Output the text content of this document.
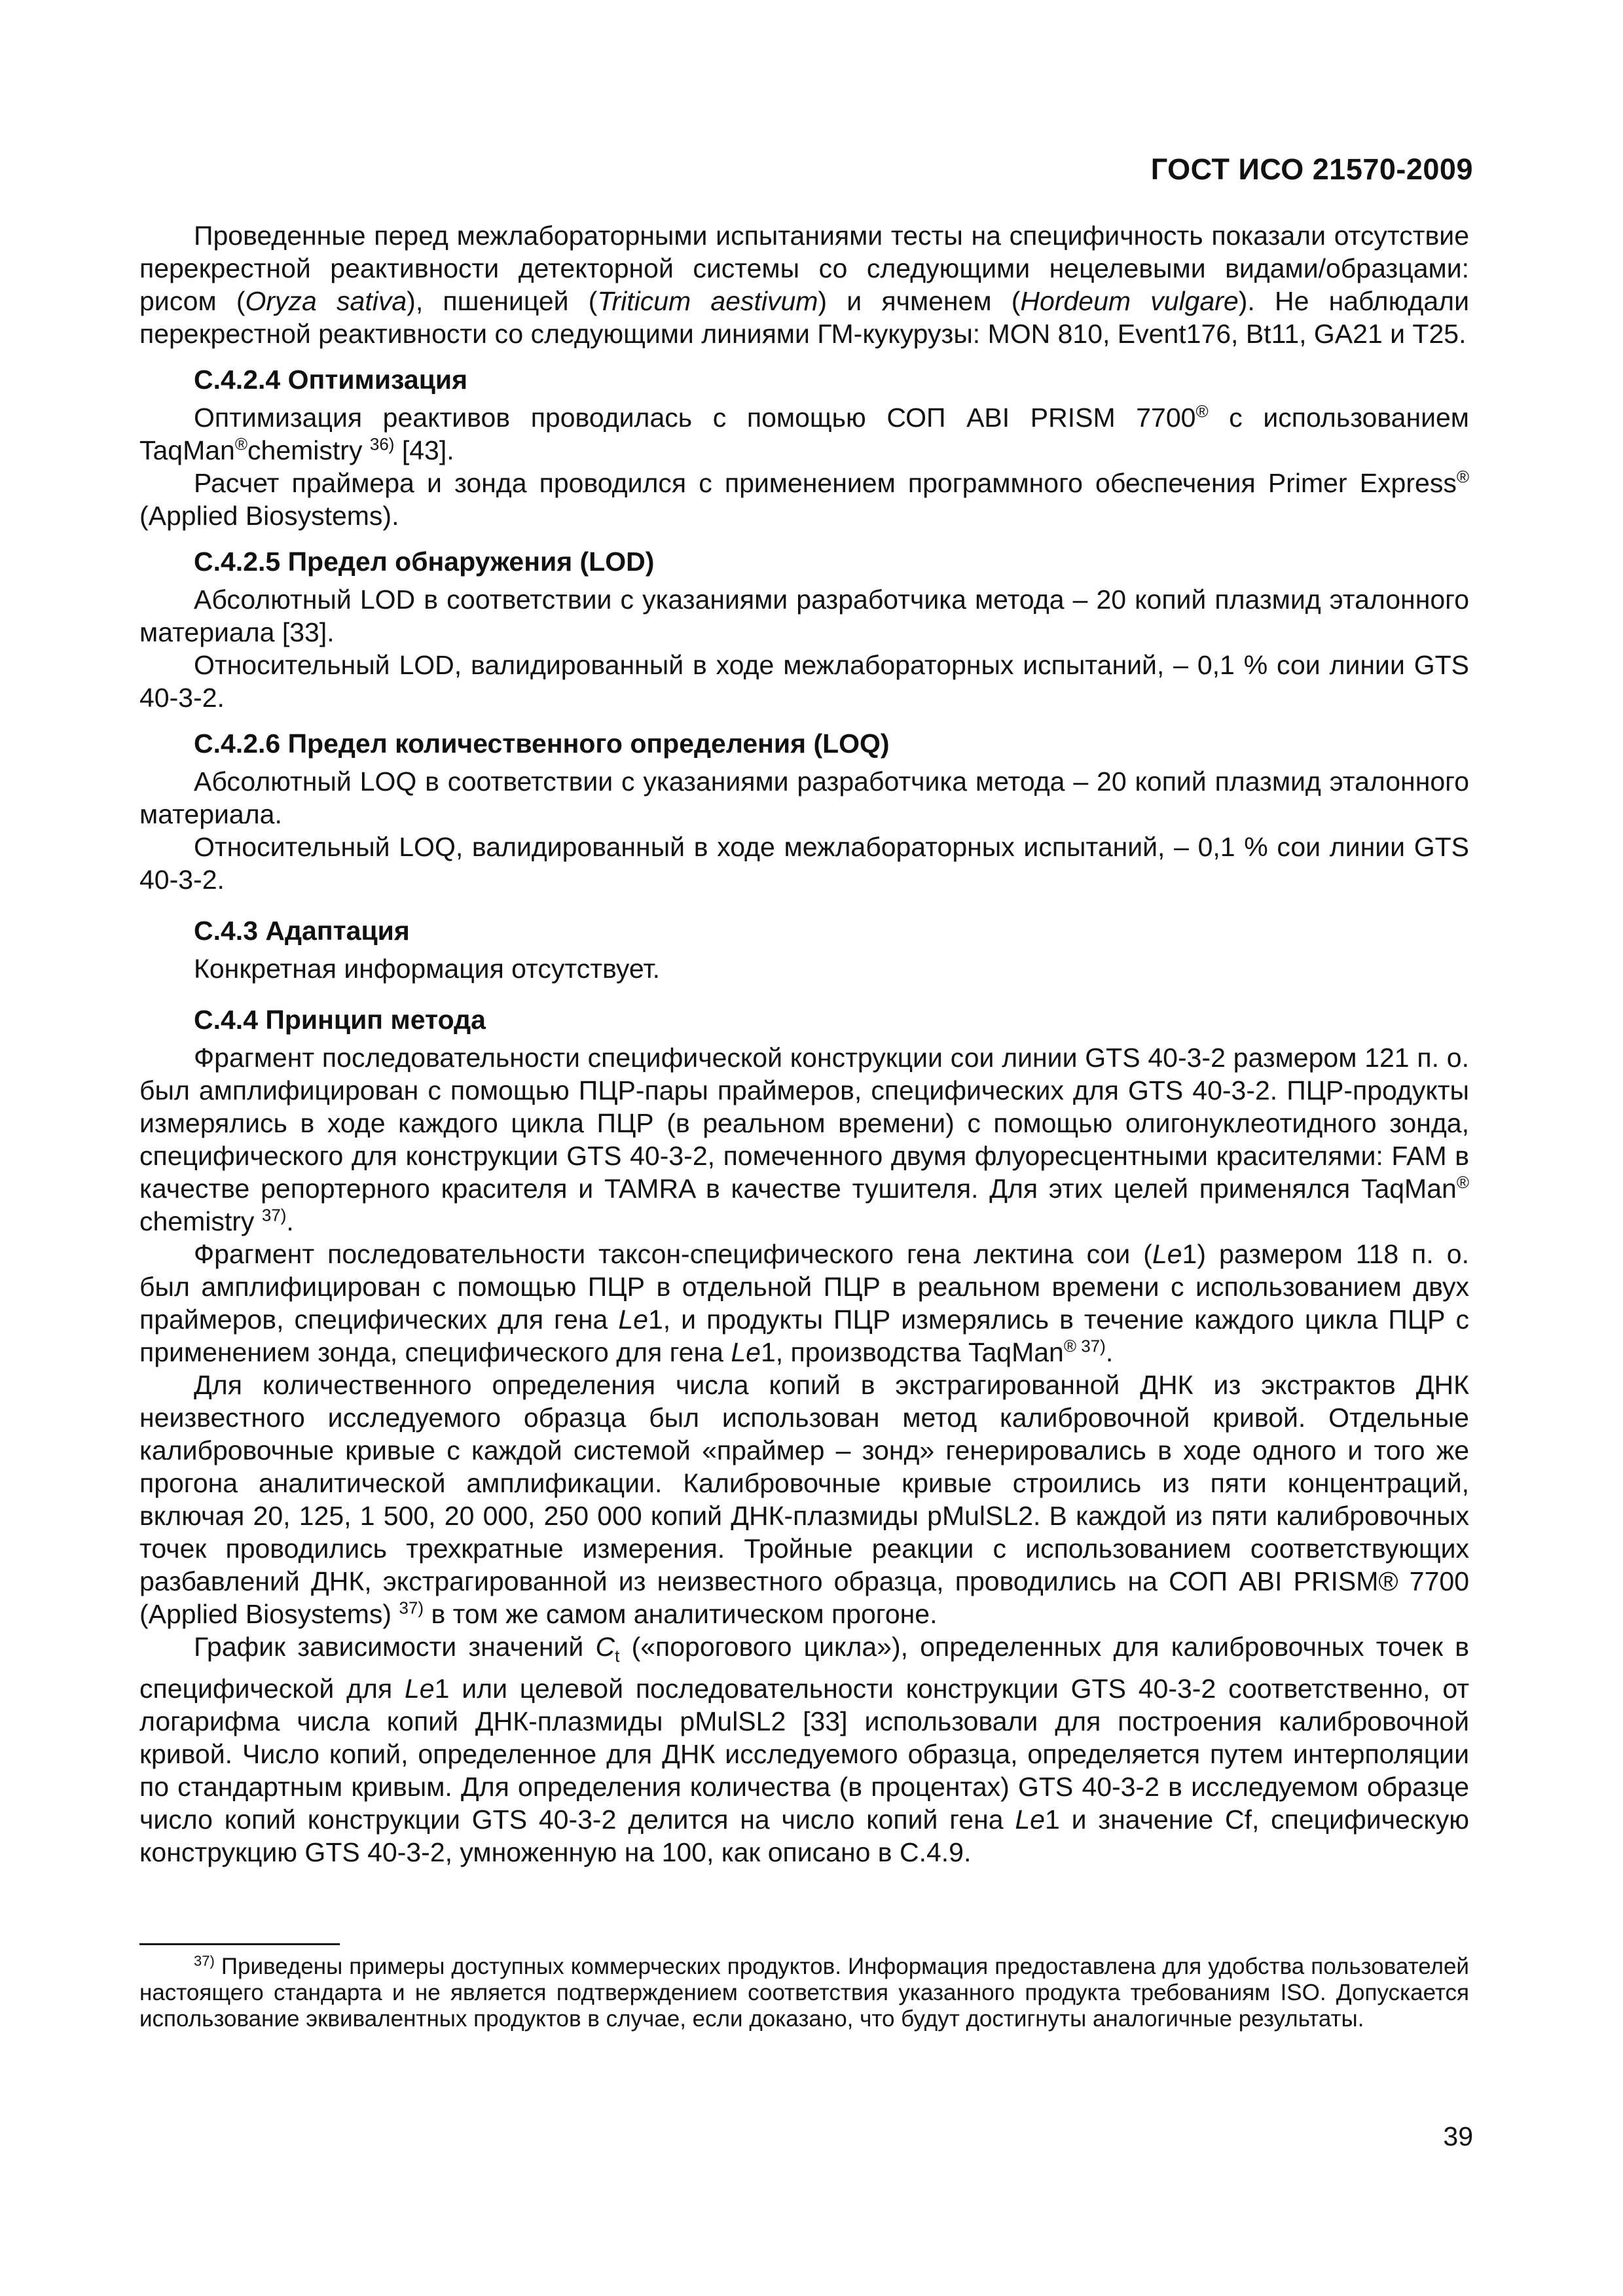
ГОСТ ИСО 21570-2009

Проведенные перед межлабораторными испытаниями тесты на специфичность показали отсутствие перекрестной реактивности детекторной системы со следующими нецелевыми видами/образцами: рисом (Oryza sativa), пшеницей (Triticum aestivum) и ячменем (Hordeum vulgare). Не наблюдали перекрестной реактивности со следующими линиями ГМ-кукурузы: MON 810, Event176, Bt11, GA21 и T25.

С.4.2.4 Оптимизация

Оптимизация реактивов проводилась с помощью СОП ABI PRISM 7700® с использованием TaqMan®chemistry $^{36)}$ [43].

Расчет праймера и зонда проводился с применением программного обеспечения Primer Express® (Applied Biosystems).

С.4.2.5 Предел обнаружения (LOD)

Абсолютный LOD в соответствии с указаниями разработчика метода – 20 копий плазмид эталонного материала [33].

Относительный LOD, валидированный в ходе межлабораторных испытаний, – 0,1 % сои линии GTS 40-3-2.

С.4.2.6 Предел количественного определения (LOQ)

Абсолютный LOQ в соответствии с указаниями разработчика метода – 20 копий плазмид эталонного материала.

Относительный LOQ, валидированный в ходе межлабораторных испытаний, – 0,1 % сои линии GTS 40-3-2.

С.4.3 Адаптация

Конкретная информация отсутствует.

С.4.4 Принцип метода

Фрагмент последовательности специфической конструкции сои линии GTS 40-3-2 размером 121 п. о. был амплифицирован с помощью ПЦР-пары праймеров, специфических для GTS 40-3-2. ПЦР-продукты измерялись в ходе каждого цикла ПЦР (в реальном времени) с помощью олигонуклеотидного зонда, специфического для конструкции GTS 40-3-2, помеченного двумя флуоресцентными красителями: FAM в качестве репортерного красителя и TAMRA в качестве тушителя. Для этих целей применялся TaqMan® chemistry $^{37)}$.

Фрагмент последовательности таксон-специфического гена лектина сои (Le1) размером 118 п. о. был амплифицирован с помощью ПЦР в отдельной ПЦР в реальном времени с использованием двух праймеров, специфических для гена Le1, и продукты ПЦР измерялись в течение каждого цикла ПЦР с применением зонда, специфического для гена Le1, производства TaqMan$^{® 37)}$.

Для количественного определения числа копий в экстрагированной ДНК из экстрактов ДНК неизвестного исследуемого образца был использован метод калибровочной кривой. Отдельные калибровочные кривые с каждой системой «праймер – зонд» генерировались в ходе одного и того же прогона аналитической амплификации. Калибровочные кривые строились из пяти концентраций, включая 20, 125, 1 500, 20 000, 250 000 копий ДНК-плазмиды pMulSL2. В каждой из пяти калибровочных точек проводились трехкратные измерения. Тройные реакции с использованием соответствующих разбавлений ДНК, экстрагированной из неизвестного образца, проводились на СОП ABI PRISM® 7700 (Applied Biosystems) $^{37)}$ в том же самом аналитическом прогоне.

График зависимости значений $C_t$ («порогового цикла»), определенных для калибровочных точек в специфической для Le1 или целевой последовательности конструкции GTS 40-3-2 соответственно, от логарифма числа копий ДНК-плазмиды pMulSL2 [33] использовали для построения калибровочной кривой. Число копий, определенное для ДНК исследуемого образца, определяется путем интерполяции по стандартным кривым. Для определения количества (в процентах) GTS 40-3-2 в исследуемом образце число копий конструкции GTS 40-3-2 делится на число копий гена Le1 и значение Cf, специфическую конструкцию GTS 40-3-2, умноженную на 100, как описано в С.4.9.

$^{37)}$ Приведены примеры доступных коммерческих продуктов. Информация предоставлена для удобства пользователей настоящего стандарта и не является подтверждением соответствия указанного продукта требованиям ISO. Допускается использование эквивалентных продуктов в случае, если доказано, что будут достигнуты аналогичные результаты.

39
